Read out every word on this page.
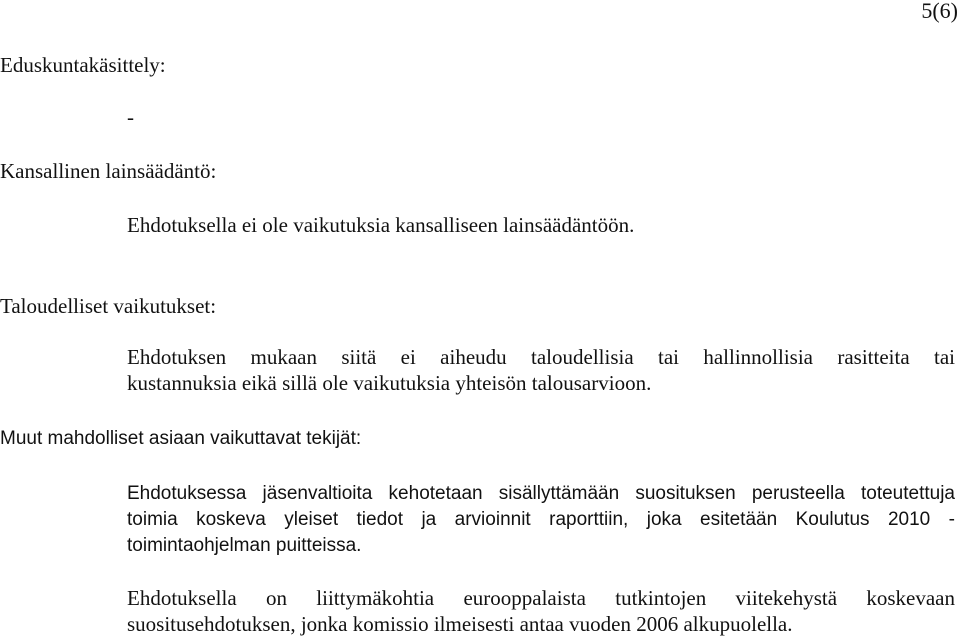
5(6)
Eduskuntakäsittely:
-
Kansallinen lainsäädäntö:
Ehdotuksella ei ole vaikutuksia kansalliseen lainsäädäntöön.
Taloudelliset vaikutukset:
Ehdotuksen mukaan siitä ei aiheudu taloudellisia tai hallinnollisia rasitteita tai
kustannuksia eikä sillä ole vaikutuksia yhteisön talousarvioon.
Muut mahdolliset asiaan vaikuttavat tekijät:
Ehdotuksessa jäsenvaltioita kehotetaan sisällyttämään suosituksen perusteella toteutettuja
toimia koskeva yleiset tiedot ja arvioinnit raporttiin, joka esitetään Koulutus 2010 -
toimintaohjelman puitteissa.
Ehdotuksella on liittymäkohtia eurooppalaista tutkintojen viitekehystä koskevaan
suositusehdotuksen, jonka komissio ilmeisesti antaa vuoden 2006 alkupuolella.
